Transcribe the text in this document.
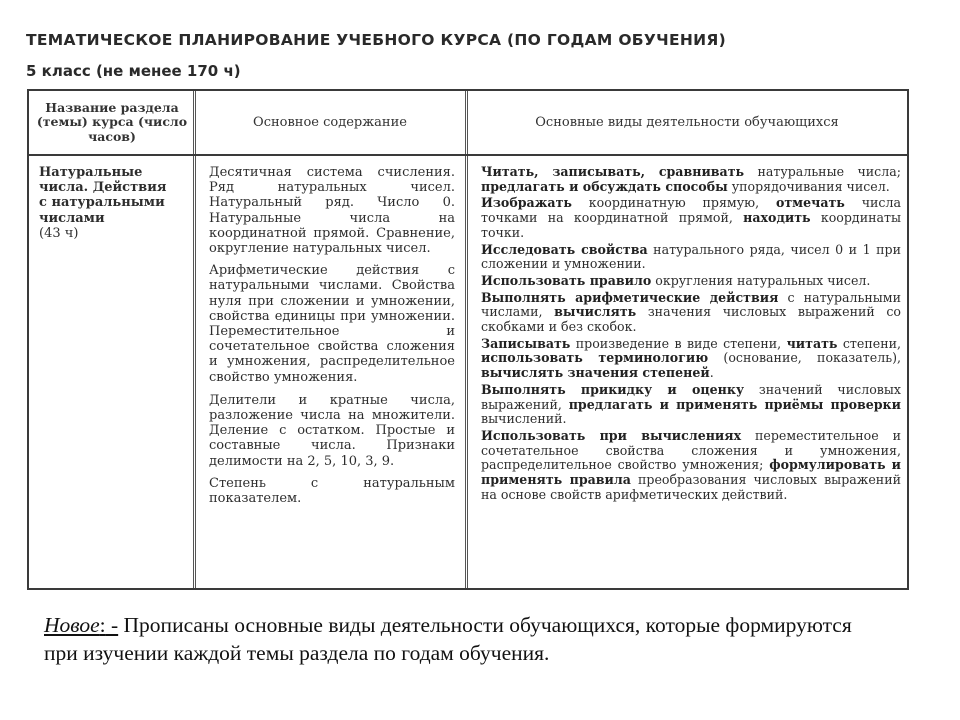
ТЕМАТИЧЕСКОЕ ПЛАНИРОВАНИЕ УЧЕБНОГО КУРСА (ПО ГОДАМ ОБУЧЕНИЯ)
5 класс (не менее 170 ч)
Название раздела (темы) курса (число часов)
Основное содержание	Основные виды деятельности обучающихся
Натуральные
числа. Действия
с натуральными
числами
(43 ч)

Десятичная система счисления. Ряд натуральных чисел. Натуральный ряд. Число 0. Натуральные числа на координатной прямой. Сравнение, округление натуральных чисел.

Арифметические действия с натуральными числами. Свойства нуля при сложении и умножении, свойства единицы при умножении. Переместительное и сочетательное свойства сложения и умножения, распределительное свойство умножения.

Делители и кратные числа, разложение числа на множители. Деление с остатком. Простые и составные числа. Признаки делимости на 2, 5, 10, 3, 9.

Степень с натуральным показателем.

Читать, записывать, сравнивать натуральные числа; предлагать и обсуждать способы упорядочивания чисел.

Изображать координатную прямую, отмечать числа точками на координатной прямой, находить координаты точки.

Исследовать свойства натурального ряда, чисел 0 и 1 при сложении и умножении.

Использовать правило округления натуральных чисел.

Выполнять арифметические действия с натуральными числами, вычислять значения числовых выражений со скобками и без скобок.

Записывать произведение в виде степени, читать степени, использовать терминологию (основание, показатель), вычислять значения степеней.

Выполнять прикидку и оценку значений числовых выражений, предлагать и применять приёмы проверки вычислений.

Использовать при вычислениях переместительное и сочетательное свойства сложения и умножения, распределительное свойство умножения; формулировать и применять правила преобразования числовых выражений на основе свойств арифметических действий.

Новое: - Прописаны основные виды деятельности обучающихся, которые формируются при изучении каждой темы раздела по годам обучения.
